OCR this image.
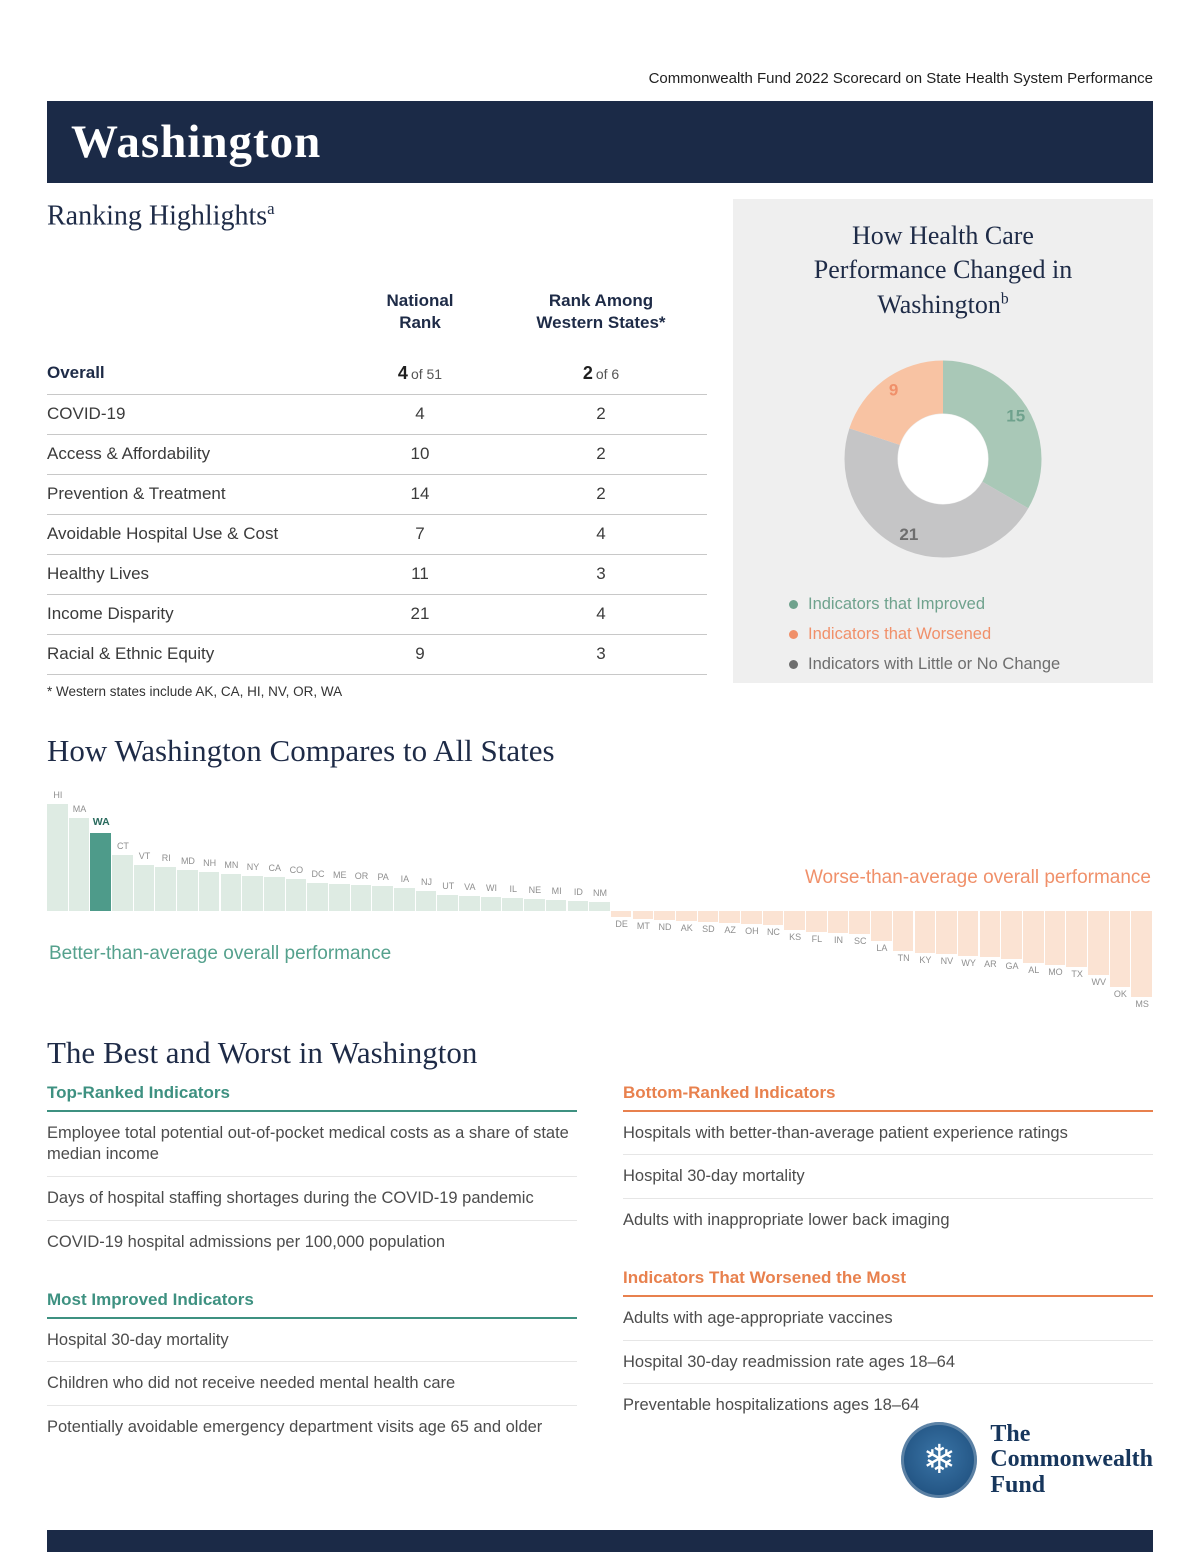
Commonwealth Fund 2022 Scorecard on State Health System Performance
Washington
Ranking Highlights$^a$
National
Rank
Rank Among
Western States*
Overall	4 of 51	2 of 6
COVID-19	4	2
Access & Affordability	10	2
Prevention & Treatment	14	2
Avoidable Hospital Use & Cost	7	4
Healthy Lives	11	3
Income Disparity	21	4
Racial & Ethnic Equity	9	3
* Western states include AK, CA, HI, NV, OR, WA
How Health Care
Performance Changed in
Washington$^b$
15
21
9
Indicators that Improved
Indicators that Worsened
Indicators with Little or No Change
How Washington Compares to All States
Better-than-average overall performance
Worse-than-average overall performance
HI
MA
WA
CT
VT	RI	MD NH MN NY	CA CO DC ME OR	PA	IA	NJ	UT	VA	WI	IL	NE	MI	ID	NM
DE MT ND	AK	SD	AZ	OH NC	KS	FL	IN	SC
LA
TN	KY	NV WY AR GA	AL MO TX
WV
OK
MS
The Best and Worst in Washington
Top-Ranked Indicators
Employee total potential out-of-pocket medical costs as a share of state median income
Days of hospital staffing shortages during the COVID-19 pandemic
COVID-19 hospital admissions per 100,000 population
Most Improved Indicators
Hospital 30-day mortality
Children who did not receive needed mental health care
Potentially avoidable emergency department visits age 65 and older
Bottom-Ranked Indicators
Hospitals with better-than-average patient experience ratings
Hospital 30-day mortality
Adults with inappropriate lower back imaging
Indicators That Worsened the Most
Adults with age-appropriate vaccines
Hospital 30-day readmission rate ages 18–64
Preventable hospitalizations ages 18–64
❄
The
Commonwealth
Fund
